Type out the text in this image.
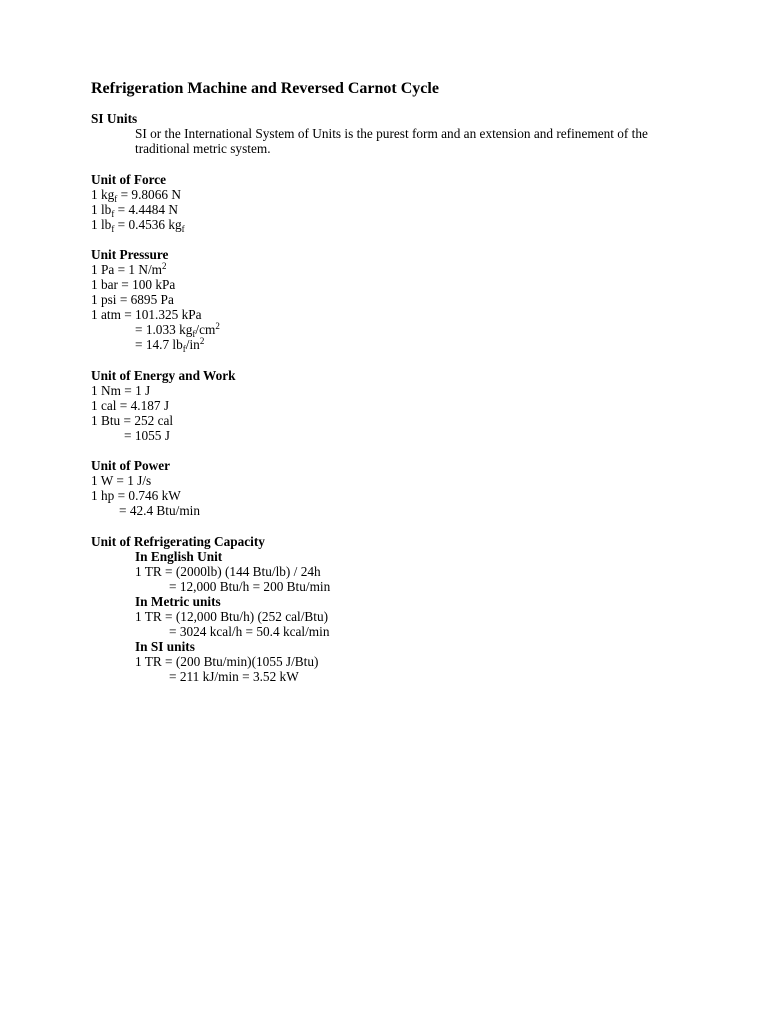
Refrigeration Machine and Reversed Carnot Cycle
SI Units
SI or the International System of Units is the purest form and an extension and refinement of the traditional metric system.
Unit of Force
1 $kg_f = 9.8066$ N
1 $lb_f = 4.4484$ N
1 $lb_f = 0.4536$ $kg_f$
Unit Pressure
1 Pa = 1 $N/m^2$
1 bar = 100 kPa
1 psi = 6895 Pa
1 atm = 101.325 kPa
= 1.033 $kg_f/cm^2$
= 14.7 $lb_f/in^2$
Unit of Energy and Work
1 Nm = 1 J
1 cal = 4.187 J
1 Btu = 252 cal
= 1055 J
Unit of Power
1 W = 1 J/s
1 hp = 0.746 kW
= 42.4 Btu/min
Unit of Refrigerating Capacity
In English Unit
1 TR = (2000lb) (144 Btu/lb) / 24h
= 12,000 Btu/h = 200 Btu/min
In Metric units
1 TR = (12,000 Btu/h) (252 cal/Btu)
= 3024 kcal/h = 50.4 kcal/min
In SI units
1 TR = (200 Btu/min)(1055 J/Btu)
= 211 kJ/min = 3.52 kW
